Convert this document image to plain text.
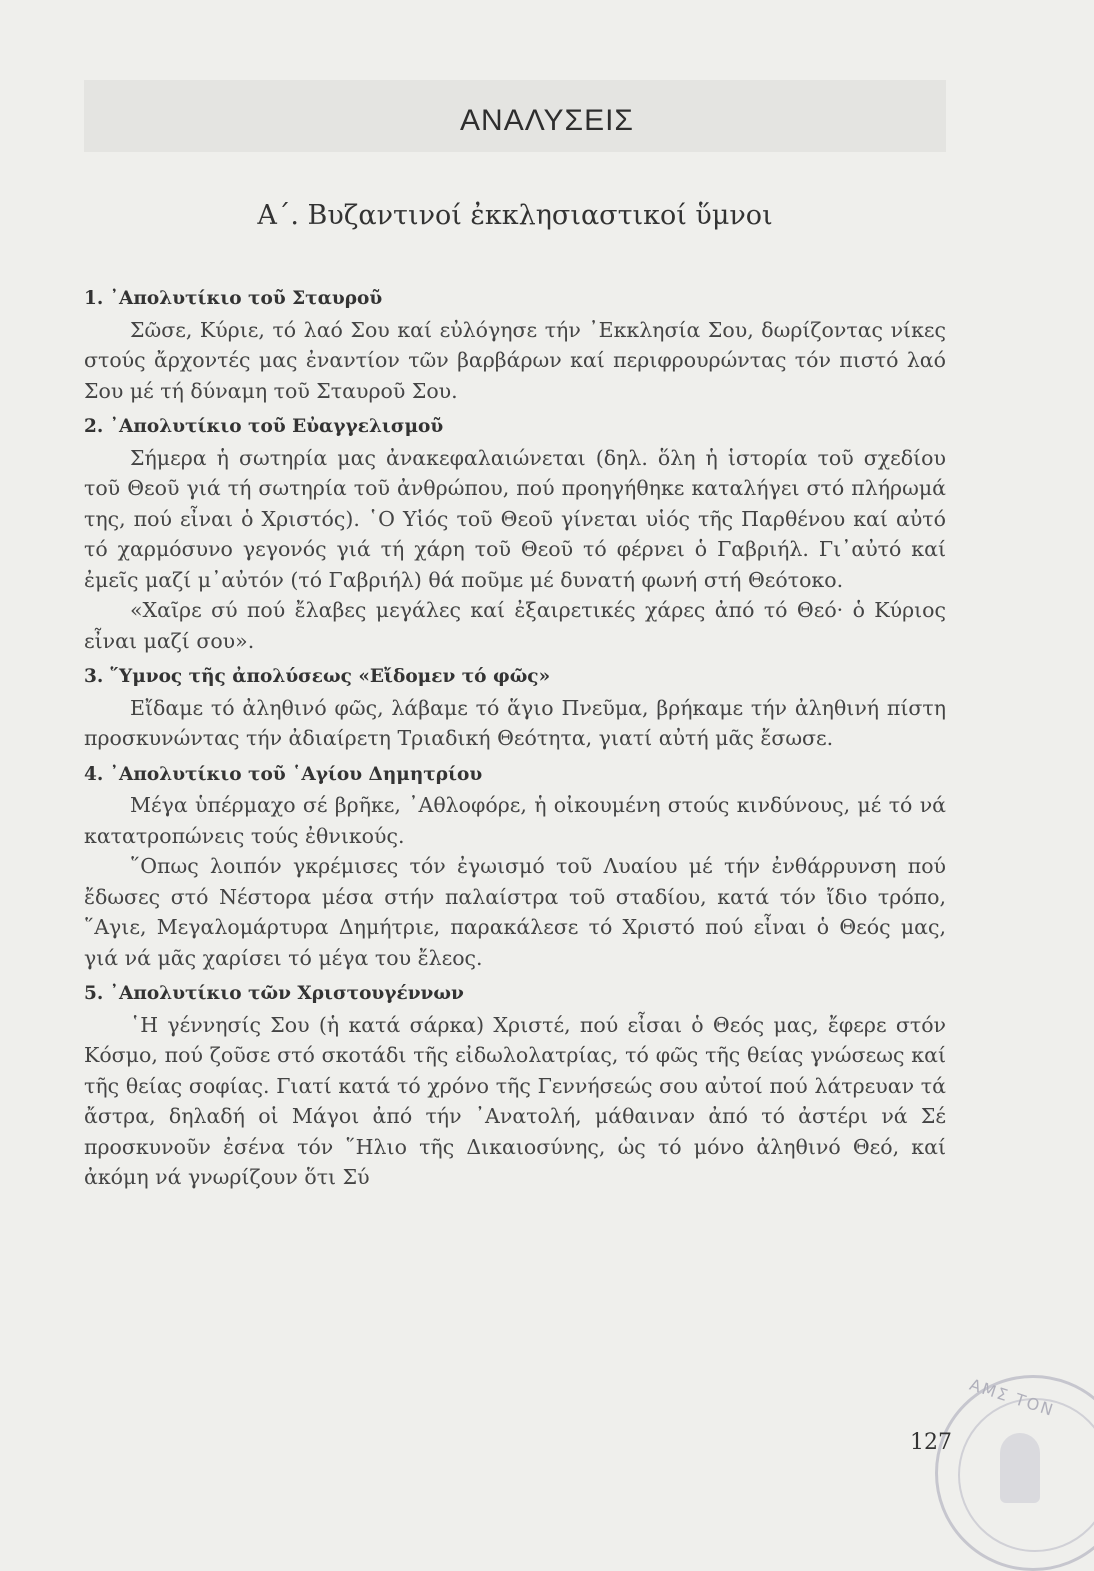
ΑΝΑΛΥΣΕΙΣ
Α΄. Βυζαντινοί ἐκκλησιαστικοί ὕμνοι
1. ᾿Απολυτίκιο τοῦ Σταυροῦ

Σῶσε, Κύριε, τό λαό Σου καί εὐλόγησε τήν ᾿Εκκλησία Σου, δωρίζοντας νίκες στούς ἄρχοντές μας ἐναντίον τῶν βαρβάρων καί περιφρουρώντας τόν πιστό λαό Σου μέ τή δύναμη τοῦ Σταυροῦ Σου.

2. ᾿Απολυτίκιο τοῦ Εὐαγγελισμοῦ

Σήμερα ἡ σωτηρία μας ἀνακεφαλαιώνεται (δηλ. ὅλη ἡ ἱστορία τοῦ σχεδίου τοῦ Θεοῦ γιά τή σωτηρία τοῦ ἀνθρώπου, πού προηγήθηκε καταλήγει στό πλήρωμά της, πού εἶναι ὁ Χριστός). ῾Ο Υἱός τοῦ Θεοῦ γίνεται υἱός τῆς Παρθένου καί αὐτό τό χαρμόσυνο γεγονός γιά τή χάρη τοῦ Θεοῦ τό φέρνει ὁ Γαβριήλ. Γι᾿αὐτό καί ἐμεῖς μαζί μ᾿αὐτόν (τό Γαβριήλ) θά ποῦμε μέ δυνατή φωνή στή Θεότοκο.

«Χαῖρε σύ πού ἔλαβες μεγάλες καί ἐξαιρετικές χάρες ἀπό τό Θεό· ὁ Κύριος εἶναι μαζί σου».

3. ῞Υμνος τῆς ἀπολύσεως «Εἴδομεν τό φῶς»

Εἴδαμε τό ἀληθινό φῶς, λάβαμε τό ἅγιο Πνεῦμα, βρήκαμε τήν ἀληθινή πίστη προσκυνώντας τήν ἀδιαίρετη Τριαδική Θεότητα, γιατί αὐτή μᾶς ἔσωσε.

4. ᾿Απολυτίκιο τοῦ ῾Αγίου Δημητρίου

Μέγα ὑπέρμαχο σέ βρῆκε, ᾿Αθλοφόρε, ἡ οἰκουμένη στούς κινδύνους, μέ τό νά κατατροπώνεις τούς ἐθνικούς.

῞Οπως λοιπόν γκρέμισες τόν ἐγωισμό τοῦ Λυαίου μέ τήν ἐνθάρρυνση πού ἔδωσες στό Νέστορα μέσα στήν παλαίστρα τοῦ σταδίου, κατά τόν ἴδιο τρόπο, ῞Αγιε, Μεγαλομάρτυρα Δημήτριε, παρακάλεσε τό Χριστό πού εἶναι ὁ Θεός μας, γιά νά μᾶς χαρίσει τό μέγα του ἔλεος.

5. ᾿Απολυτίκιο τῶν Χριστουγέννων

῾Η γέννησίς Σου (ἡ κατά σάρκα) Χριστέ, πού εἶσαι ὁ Θεός μας, ἔφερε στόν Κόσμο, πού ζοῦσε στό σκοτάδι τῆς εἰδωλολατρίας, τό φῶς τῆς θείας γνώσεως καί τῆς θείας σοφίας. Γιατί κατά τό χρόνο τῆς Γεννήσεώς σου αὐτοί πού λάτρευαν τά ἄστρα, δηλαδή οἱ Μάγοι ἀπό τήν ᾿Ανατολή, μάθαιναν ἀπό τό ἀστέρι νά Σέ προσκυνοῦν ἐσένα τόν ῞Ηλιο τῆς Δικαιοσύνης, ὡς τό μόνο ἀληθινό Θεό, καί ἀκόμη νά γνωρίζουν ὅτι Σύ

ΑΜΣ ΤΟΝ
127
